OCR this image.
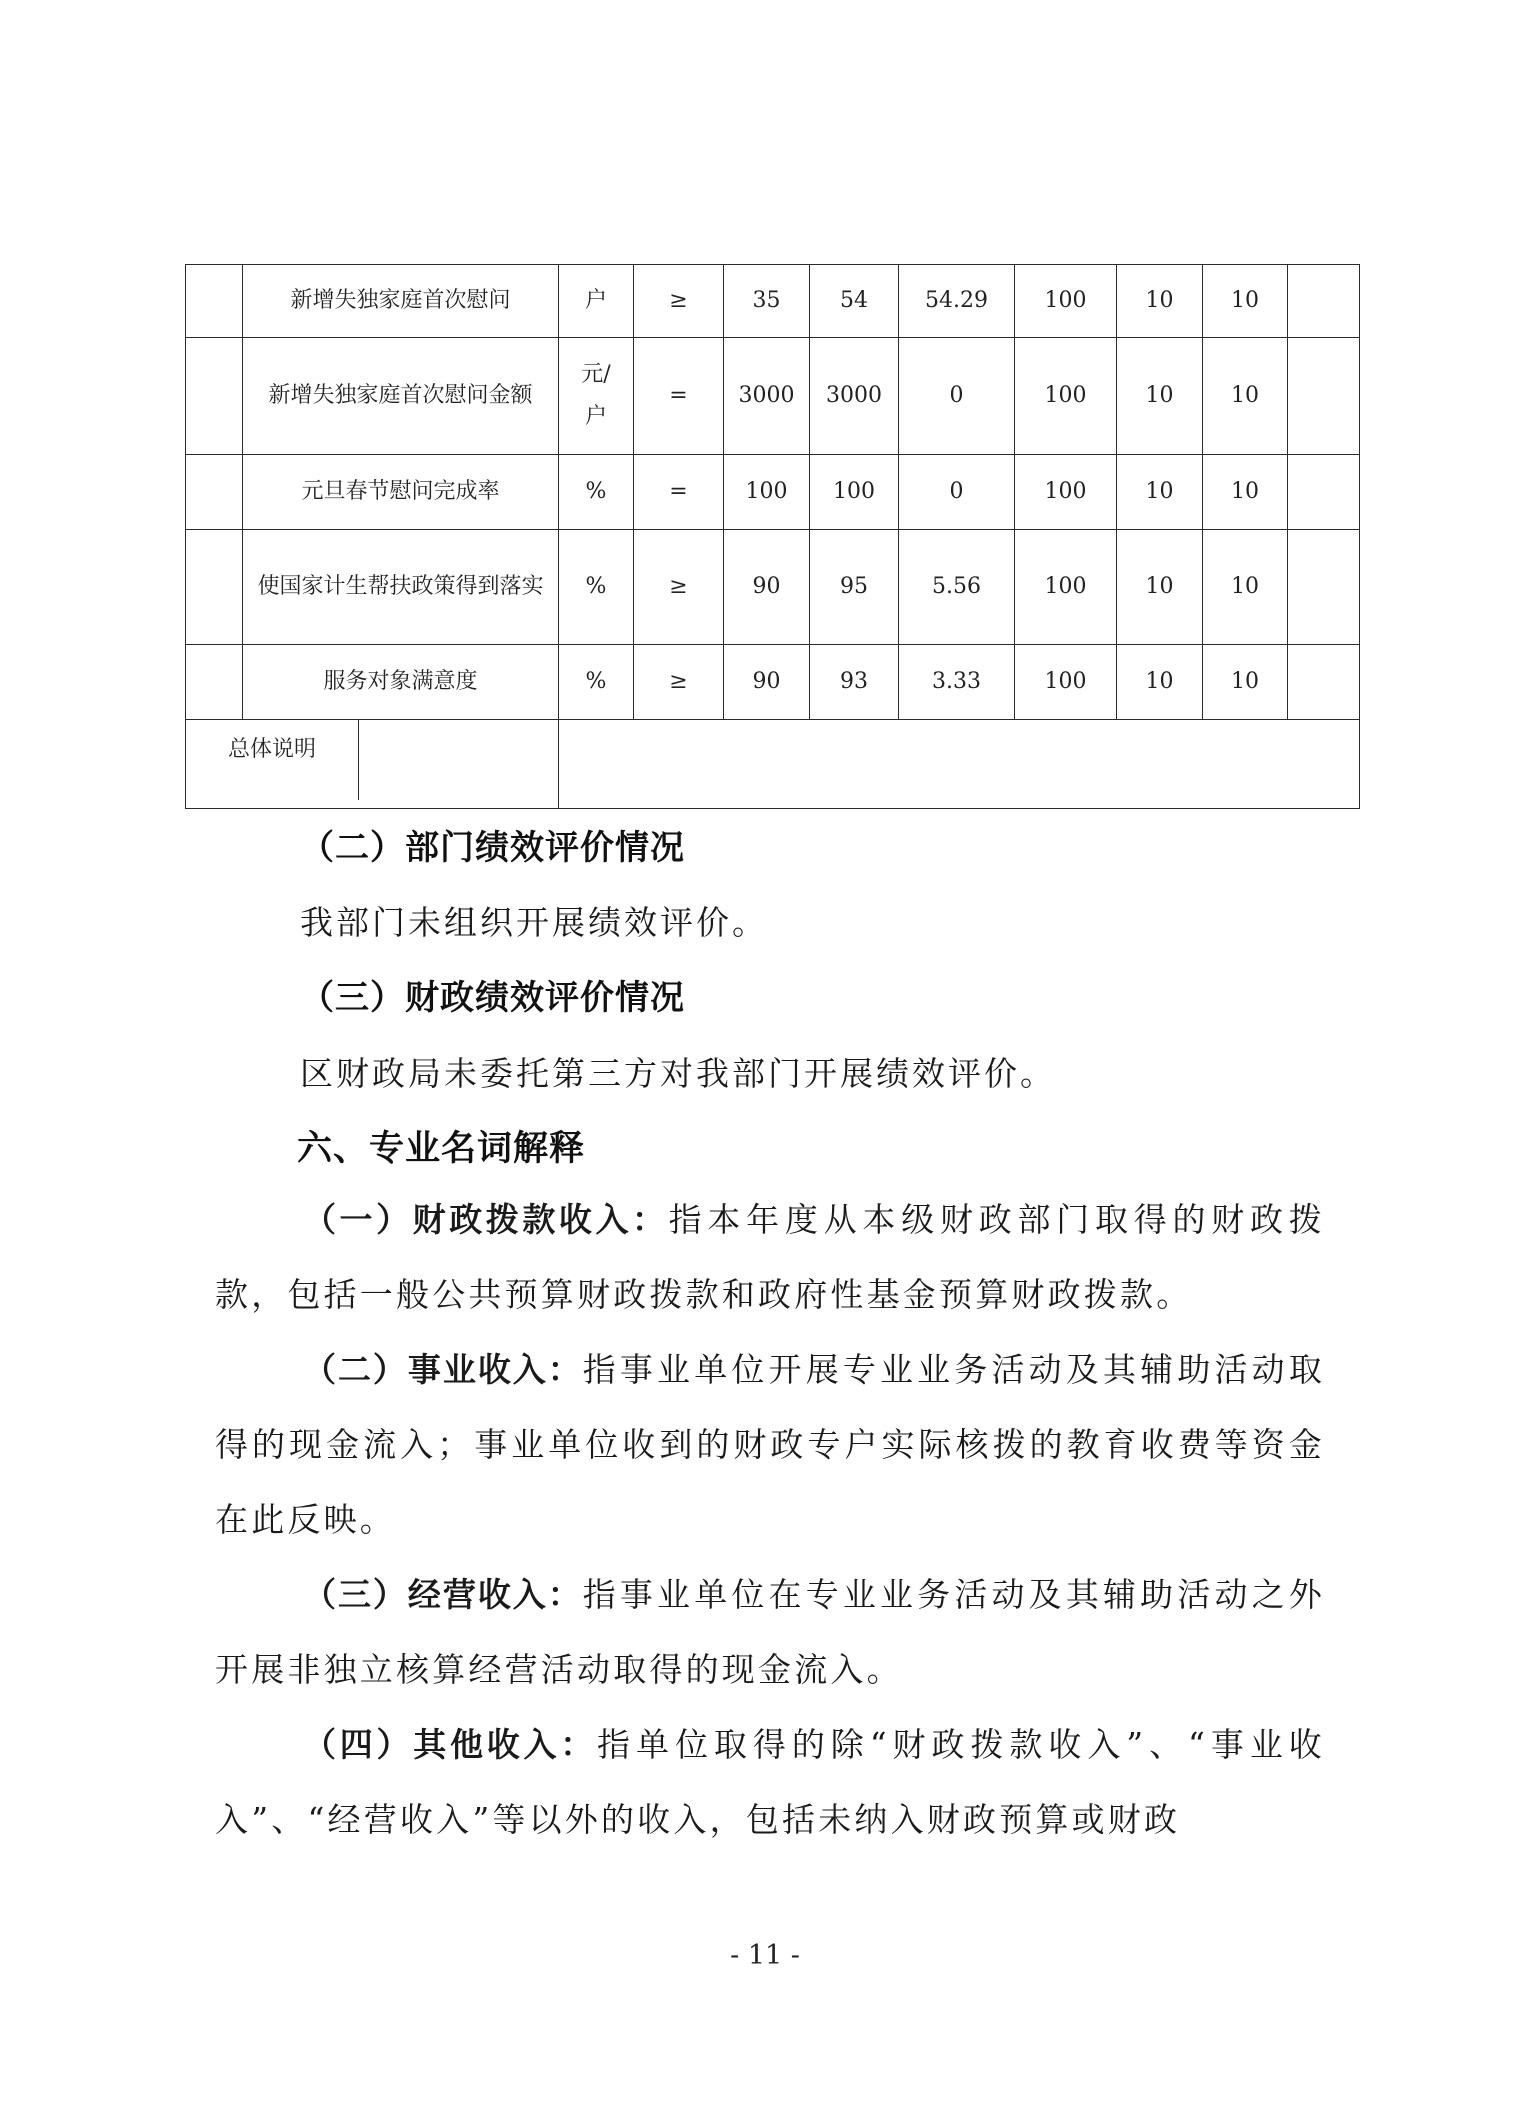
	新增失独家庭首次慰问	户	≥	35	54	54.29	100	10	10	
	新增失独家庭首次慰问金额	元/户	=	3000	3000	0	100	10	10	
	元旦春节慰问完成率	%	=	100	100	0	100	10	10	
	使国家计生帮扶政策得到落实	%	≥	90	95	5.56	100	10	10	
	服务对象满意度	%	≥	90	93	3.33	100	10	10	

总体说明										

（二）部门绩效评价情况
我部门未组织开展绩效评价。
（三）财政绩效评价情况
区财政局未委托第三方对我部门开展绩效评价。
六、专业名词解释
（一）财政拨款收入：指本年度从本级财政部门取得的财政拨款，包括一般公共预算财政拨款和政府性基金预算财政拨款。
（二）事业收入：指事业单位开展专业业务活动及其辅助活动取得的现金流入；事业单位收到的财政专户实际核拨的教育收费等资金在此反映。
（三）经营收入：指事业单位在专业业务活动及其辅助活动之外开展非独立核算经营活动取得的现金流入。
（四）其他收入：指单位取得的除“财政拨款收入”、“事业收入”、“经营收入”等以外的收入，包括未纳入财政预算或财政
- 11 -
